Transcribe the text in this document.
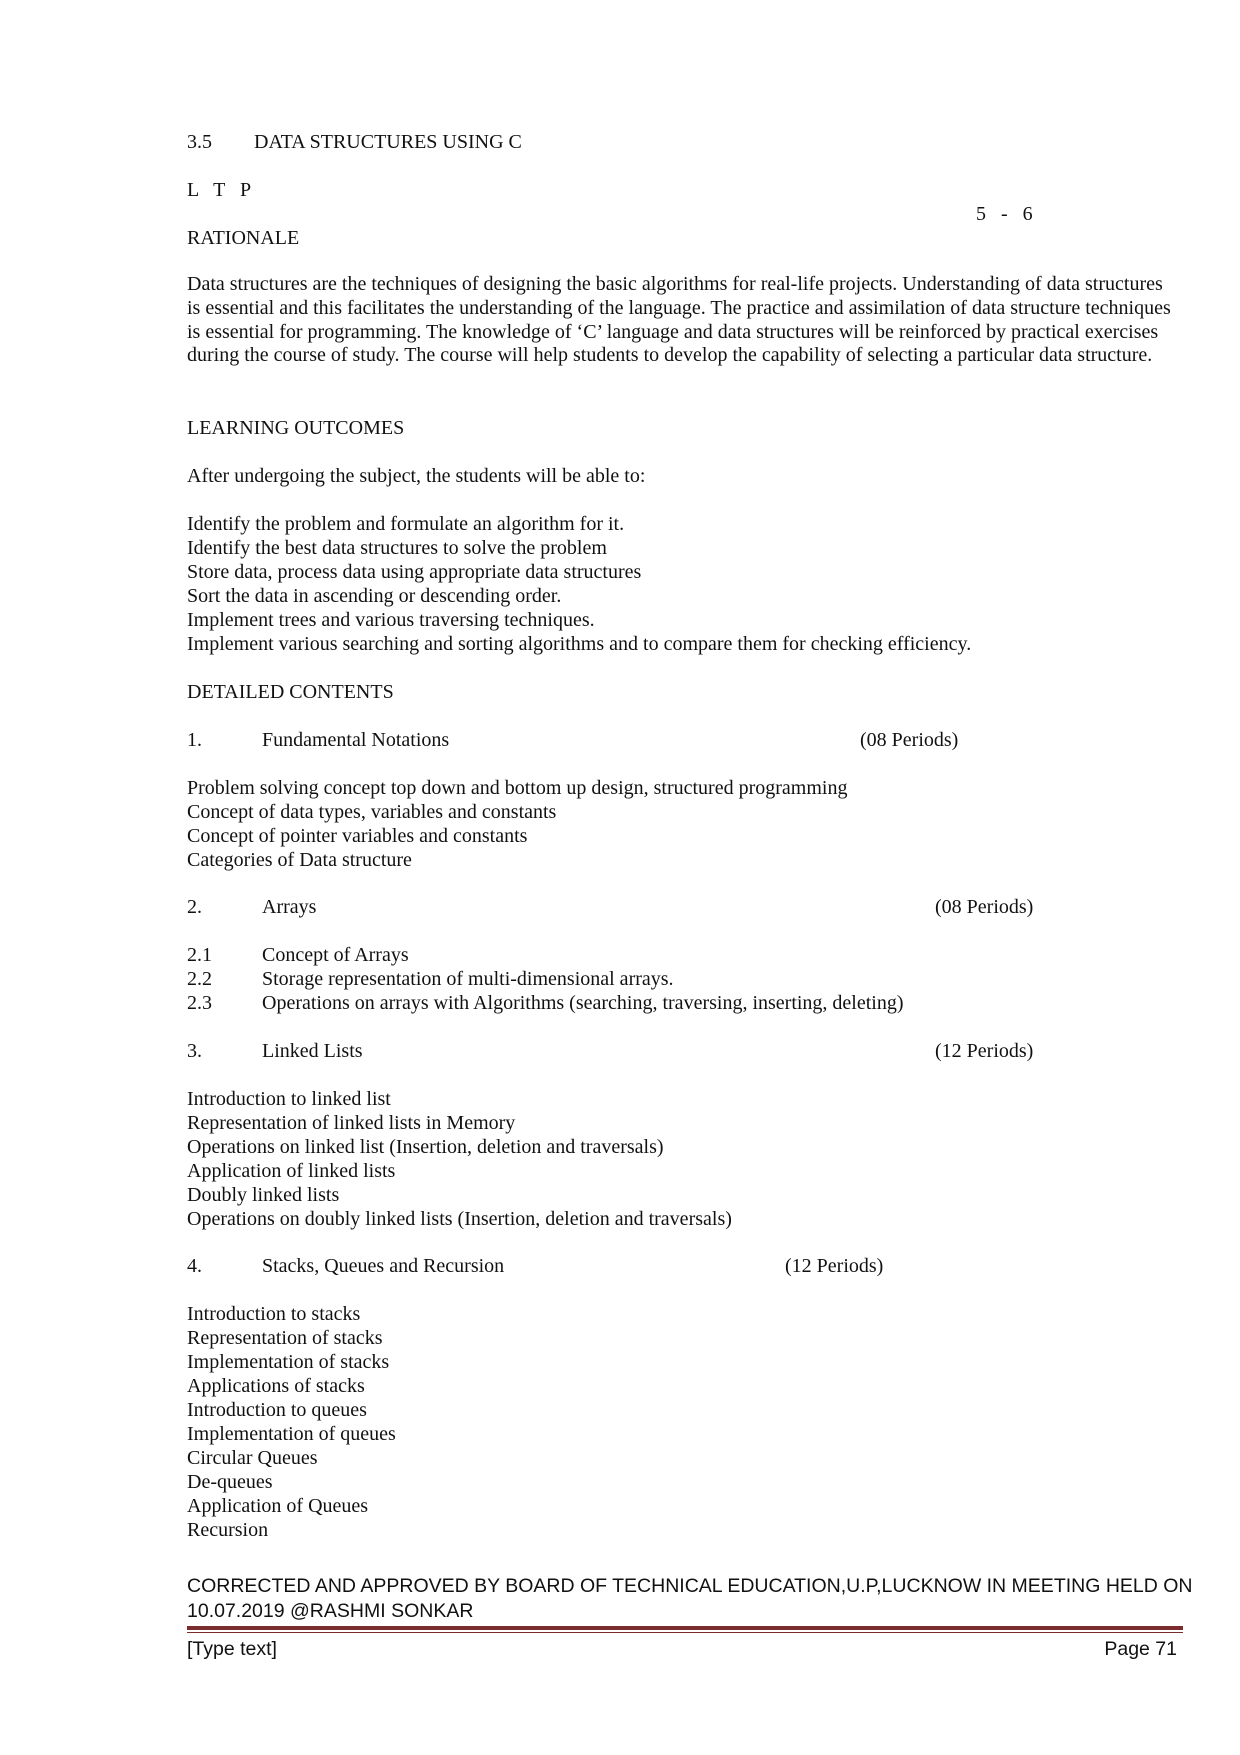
3.5 DATA STRUCTURES USING C
L   T   P
5   -   6
RATIONALE
Data structures are the techniques of designing the basic algorithms for real-life projects. Understanding of data structures is essential and this facilitates the understanding of the language. The practice and assimilation of data structure techniques is essential for programming. The knowledge of ‘C’ language and data structures will be reinforced by practical exercises during the course of study. The course will help students to develop the capability of selecting a particular data structure.
LEARNING OUTCOMES
After undergoing the subject, the students will be able to:
Identify the problem and formulate an algorithm for it.
Identify the best data structures to solve the problem
Store data, process data using appropriate data structures
Sort the data in ascending or descending order.
Implement trees and various traversing techniques.
Implement various searching and sorting algorithms and to compare them for checking efficiency.
DETAILED CONTENTS
1.	Fundamental Notations	(08 Periods)
Problem solving concept top down and bottom up design, structured programming
Concept of data types, variables and constants
Concept of pointer variables and constants
Categories of Data structure
2.	Arrays	(08 Periods)
2.1	Concept of Arrays
2.2	Storage representation of multi-dimensional arrays.
2.3	Operations on arrays with Algorithms (searching, traversing, inserting, deleting)
3.	Linked Lists	(12 Periods)
Introduction to linked list
Representation of linked lists in Memory
Operations on linked list (Insertion, deletion and traversals)
Application of linked lists
Doubly linked lists
Operations on doubly linked lists (Insertion, deletion and traversals)
4.	Stacks, Queues and Recursion	(12 Periods)
Introduction to stacks
Representation of stacks
Implementation of stacks
Applications of stacks
Introduction to queues
Implementation of queues
Circular Queues
De-queues
Application of Queues
Recursion
CORRECTED AND APPROVED BY BOARD OF TECHNICAL EDUCATION,U.P,LUCKNOW IN MEETING HELD ON
10.07.2019 @RASHMI SONKAR
[Type text]	Page 71
